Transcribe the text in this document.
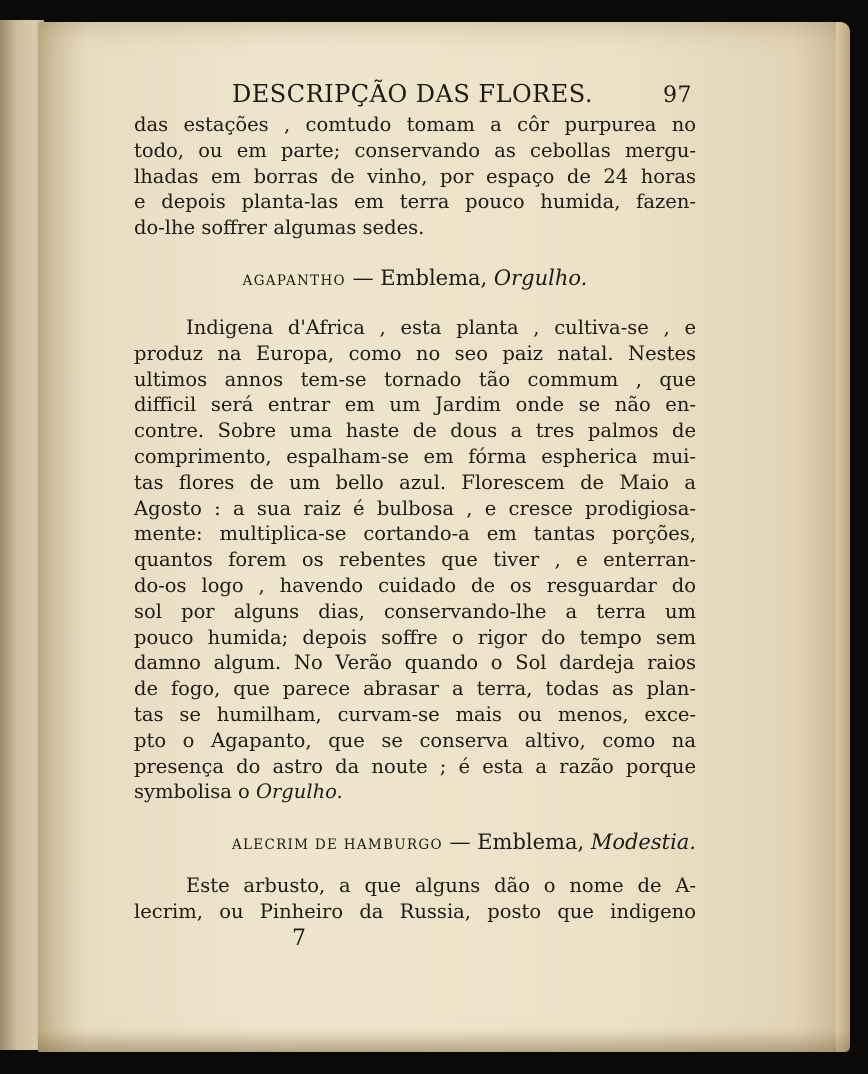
DESCRIPÇÃO DAS FLORES.	97
das estações , comtudo tomam a côr purpurea no
todo, ou em parte; conservando as cebollas mergu-
lhadas em borras de vinho, por espaço de 24 horas
e depois planta-las em terra pouco humida, fazen-
do-lhe soffrer algumas sedes.
AGAPANTHO — Emblema, Orgulho.
Indigena d'Africa , esta planta , cultiva-se , e
produz na Europa, como no seo paiz natal. Nestes
ultimos annos tem-se tornado tão commum , que
difficil será entrar em um Jardim onde se não en-
contre. Sobre uma haste de dous a tres palmos de
comprimento, espalham-se em fórma espherica mui-
tas flores de um bello azul. Florescem de Maio a
Agosto : a sua raiz é bulbosa , e cresce prodigiosa-
mente: multiplica-se cortando-a em tantas porções,
quantos forem os rebentes que tiver , e enterran-
do-os logo , havendo cuidado de os resguardar do
sol por alguns dias, conservando-lhe a terra um
pouco humida; depois soffre o rigor do tempo sem
damno algum. No Verão quando o Sol dardeja raios
de fogo, que parece abrasar a terra, todas as plan-
tas se humilham, curvam-se mais ou menos, exce-
pto o Agapanto, que se conserva altivo, como na
presença do astro da noute ; é esta a razão porque
symbolisa o Orgulho.
ALECRIM DE HAMBURGO — Emblema, Modestia.
Este arbusto, a que alguns dão o nome de A-
lecrim, ou Pinheiro da Russia, posto que indigeno
7
